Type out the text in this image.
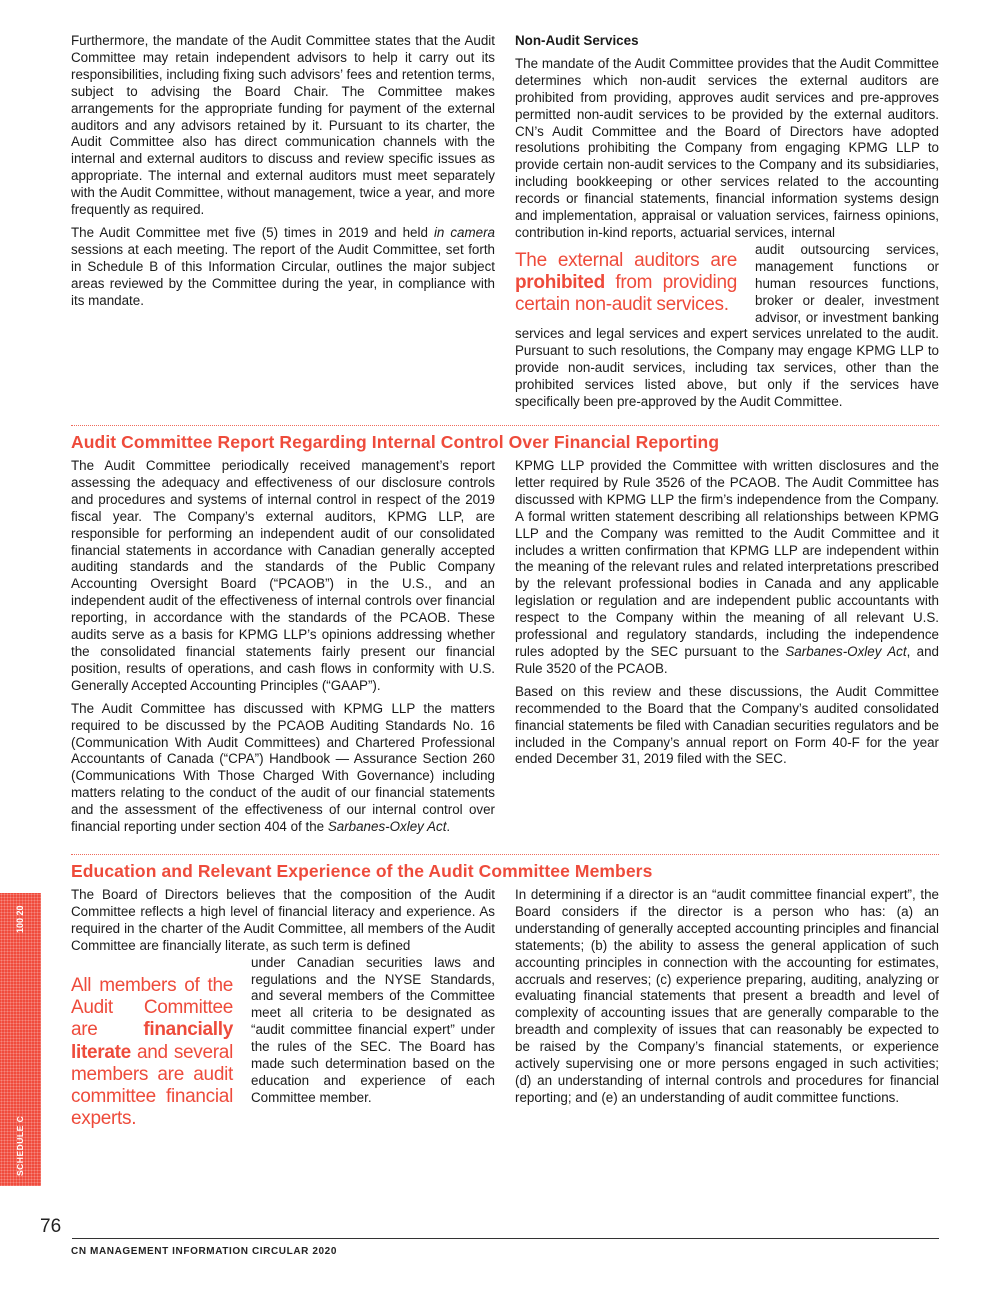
Furthermore, the mandate of the Audit Committee states that the Audit Committee may retain independent advisors to help it carry out its responsibilities, including fixing such advisors’ fees and retention terms, subject to advising the Board Chair. The Committee makes arrangements for the appropriate funding for payment of the external auditors and any advisors retained by it. Pursuant to its charter, the Audit Committee also has direct communication channels with the internal and external auditors to discuss and review specific issues as appropriate. The internal and external auditors must meet separately with the Audit Committee, without management, twice a year, and more frequently as required.

The Audit Committee met five (5) times in 2019 and held in camera sessions at each meeting. The report of the Audit Committee, set forth in Schedule B of this Information Circular, outlines the major subject areas reviewed by the Committee during the year, in compliance with its mandate.

Non-Audit Services

The mandate of the Audit Committee provides that the Audit Committee determines which non-audit services the external auditors are prohibited from providing, approves audit services and pre-approves permitted non-audit services to be provided by the external auditors. CN’s Audit Committee and the Board of Directors have adopted resolutions prohibiting the Company from engaging KPMG LLP to provide certain non-audit services to the Company and its subsidiaries, including bookkeeping or other services related to the accounting records or financial statements, financial information systems design and implementation, appraisal or valuation services, fairness opinions, contribution in-kind reports, actuarial services, internal

The external auditors are prohibited from providing certain non-audit services.

audit outsourcing services, management functions or human resources functions, broker or dealer, investment advisor, or investment banking services and legal services and expert services unrelated to the audit. Pursuant to such resolutions, the Company may engage KPMG LLP to provide non-audit services, including tax services, other than the prohibited services listed above, but only if the services have specifically been pre-approved by the Audit Committee.

Audit Committee Report Regarding Internal Control Over Financial Reporting

The Audit Committee periodically received management’s report assessing the adequacy and effectiveness of our disclosure controls and procedures and systems of internal control in respect of the 2019 fiscal year. The Company’s external auditors, KPMG LLP, are responsible for performing an independent audit of our consolidated financial statements in accordance with Canadian generally accepted auditing standards and the standards of the Public Company Accounting Oversight Board (“PCAOB”) in the U.S., and an independent audit of the effectiveness of internal controls over financial reporting, in accordance with the standards of the PCAOB. These audits serve as a basis for KPMG LLP’s opinions addressing whether the consolidated financial statements fairly present our financial position, results of operations, and cash flows in conformity with U.S. Generally Accepted Accounting Principles (“GAAP”).

The Audit Committee has discussed with KPMG LLP the matters required to be discussed by the PCAOB Auditing Standards No. 16 (Communication With Audit Committees) and Chartered Professional Accountants of Canada (“CPA”) Handbook — Assurance Section 260 (Communications With Those Charged With Governance) including matters relating to the conduct of the audit of our financial statements and the assessment of the effectiveness of our internal control over financial reporting under section 404 of the Sarbanes-Oxley Act.

KPMG LLP provided the Committee with written disclosures and the letter required by Rule 3526 of the PCAOB. The Audit Committee has discussed with KPMG LLP the firm’s independence from the Company. A formal written statement describing all relationships between KPMG LLP and the Company was remitted to the Audit Committee and it includes a written confirmation that KPMG LLP are independent within the meaning of the relevant rules and related interpretations prescribed by the relevant professional bodies in Canada and any applicable legislation or regulation and are independent public accountants with respect to the Company within the meaning of all relevant U.S. professional and regulatory standards, including the independence rules adopted by the SEC pursuant to the Sarbanes-Oxley Act, and Rule 3520 of the PCAOB.

Based on this review and these discussions, the Audit Committee recommended to the Board that the Company’s audited consolidated financial statements be filed with Canadian securities regulators and be included in the Company’s annual report on Form 40-F for the year ended December 31, 2019 filed with the SEC.

Education and Relevant Experience of the Audit Committee Members

The Board of Directors believes that the composition of the Audit Committee reflects a high level of financial literacy and experience. As required in the charter of the Audit Committee, all members of the Audit Committee are financially literate, as such term is defined

All members of the Audit Committee are financially literate and several members are audit committee financial experts.

under Canadian securities laws and regulations and the NYSE Standards, and several members of the Committee meet all criteria to be designated as “audit committee financial expert” under the rules of the SEC. The Board has made such determination based on the education and experience of each Committee member.

In determining if a director is an “audit committee financial expert”, the Board considers if the director is a person who has: (a) an understanding of generally accepted accounting principles and financial statements; (b) the ability to assess the general application of such accounting principles in connection with the accounting for estimates, accruals and reserves; (c) experience preparing, auditing, analyzing or evaluating financial statements that present a breadth and level of complexity of accounting issues that are generally comparable to the breadth and complexity of issues that can reasonably be expected to be raised by the Company’s financial statements, or experience actively supervising one or more persons engaged in such activities; (d) an understanding of internal controls and procedures for financial reporting; and (e) an understanding of audit committee functions.

100 20
SCHEDULE C
76
CN MANAGEMENT INFORMATION CIRCULAR 2020
